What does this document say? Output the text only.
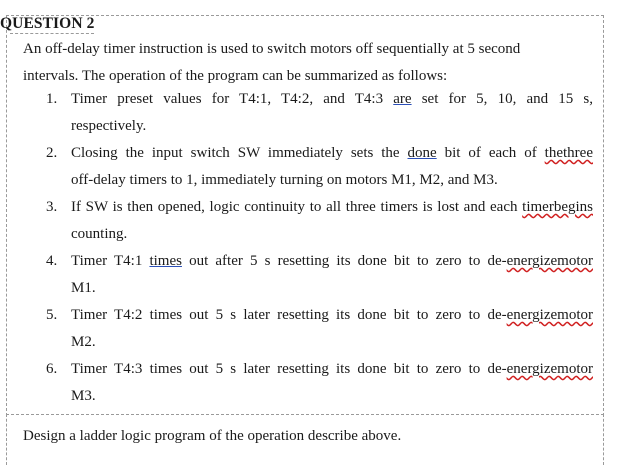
QUESTION 2
An off-delay timer instruction is used to switch motors off sequentially at 5 second
intervals. The operation of the program can be summarized as follows:
1. Timer preset values for T4:1, T4:2, and T4:3 are set for 5, 10, and 15 s,
respectively.
2. Closing the input switch SW immediately sets the done bit of each of thethree
off-delay timers to 1, immediately turning on motors M1, M2, and M3.
3. If SW is then opened, logic continuity to all three timers is lost and each timerbegins
counting.
4. Timer T4:1 times out after 5 s resetting its done bit to zero to de-energizemotor
M1.
5. Timer T4:2 times out 5 s later resetting its done bit to zero to de-energizemotor
M2.
6. Timer T4:3 times out 5 s later resetting its done bit to zero to de-energizemotor
M3.
Design a ladder logic program of the operation describe above.
